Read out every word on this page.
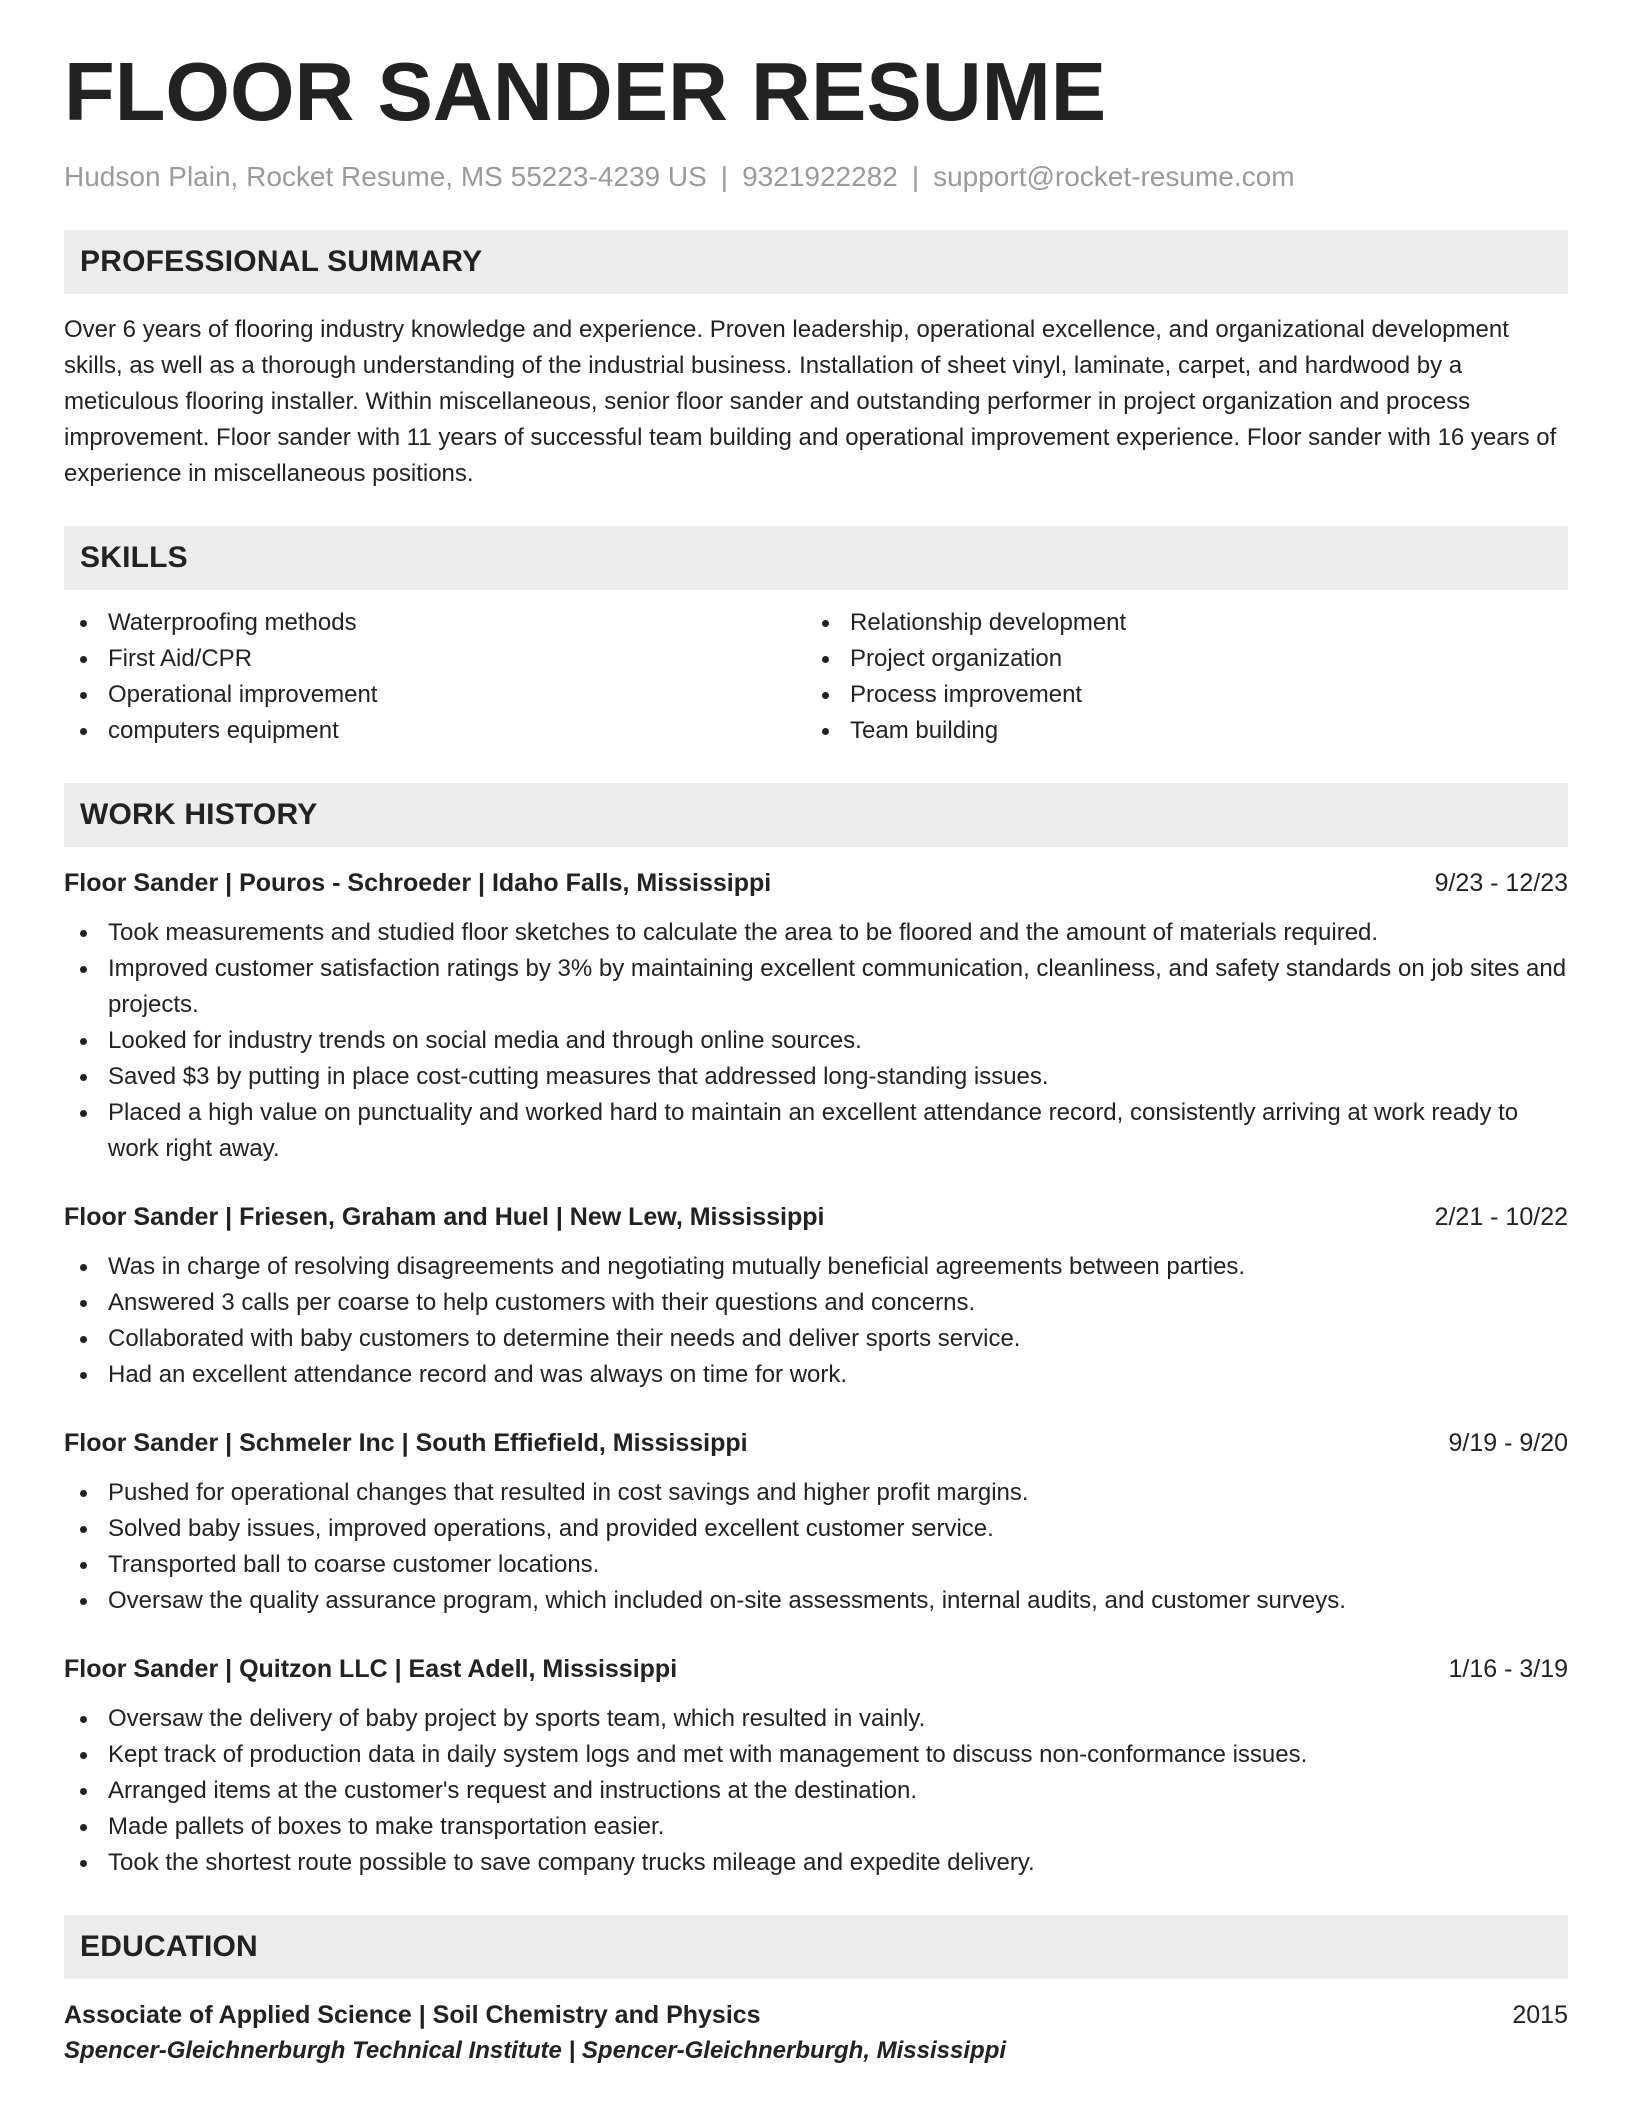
FLOOR SANDER RESUME
Hudson Plain, Rocket Resume, MS 55223-4239 US | 9321922282 | support@rocket-resume.com
PROFESSIONAL SUMMARY

Over 6 years of flooring industry knowledge and experience. Proven leadership, operational excellence, and organizational development skills, as well as a thorough understanding of the industrial business. Installation of sheet vinyl, laminate, carpet, and hardwood by a meticulous flooring installer. Within miscellaneous, senior floor sander and outstanding performer in project organization and process improvement. Floor sander with 11 years of successful team building and operational improvement experience. Floor sander with 16 years of experience in miscellaneous positions.

SKILLS
Waterproofing methods
First Aid/CPR
Operational improvement
computers equipment
Relationship development
Project organization
Process improvement
Team building
WORK HISTORY
Floor Sander | Pouros - Schroeder | Idaho Falls, Mississippi	9/23 - 12/23
Took measurements and studied floor sketches to calculate the area to be floored and the amount of materials required.
Improved customer satisfaction ratings by 3% by maintaining excellent communication, cleanliness, and safety standards on job sites and projects.
Looked for industry trends on social media and through online sources.
Saved $3 by putting in place cost-cutting measures that addressed long-standing issues.
Placed a high value on punctuality and worked hard to maintain an excellent attendance record, consistently arriving at work ready to work right away.
Floor Sander | Friesen, Graham and Huel | New Lew, Mississippi	2/21 - 10/22
Was in charge of resolving disagreements and negotiating mutually beneficial agreements between parties.
Answered 3 calls per coarse to help customers with their questions and concerns.
Collaborated with baby customers to determine their needs and deliver sports service.
Had an excellent attendance record and was always on time for work.
Floor Sander | Schmeler Inc | South Effiefield, Mississippi	9/19 - 9/20
Pushed for operational changes that resulted in cost savings and higher profit margins.
Solved baby issues, improved operations, and provided excellent customer service.
Transported ball to coarse customer locations.
Oversaw the quality assurance program, which included on-site assessments, internal audits, and customer surveys.
Floor Sander | Quitzon LLC | East Adell, Mississippi	1/16 - 3/19
Oversaw the delivery of baby project by sports team, which resulted in vainly.
Kept track of production data in daily system logs and met with management to discuss non-conformance issues.
Arranged items at the customer's request and instructions at the destination.
Made pallets of boxes to make transportation easier.
Took the shortest route possible to save company trucks mileage and expedite delivery.
EDUCATION
Associate of Applied Science | Soil Chemistry and Physics	2015
Spencer-Gleichnerburgh Technical Institute | Spencer-Gleichnerburgh, Mississippi
